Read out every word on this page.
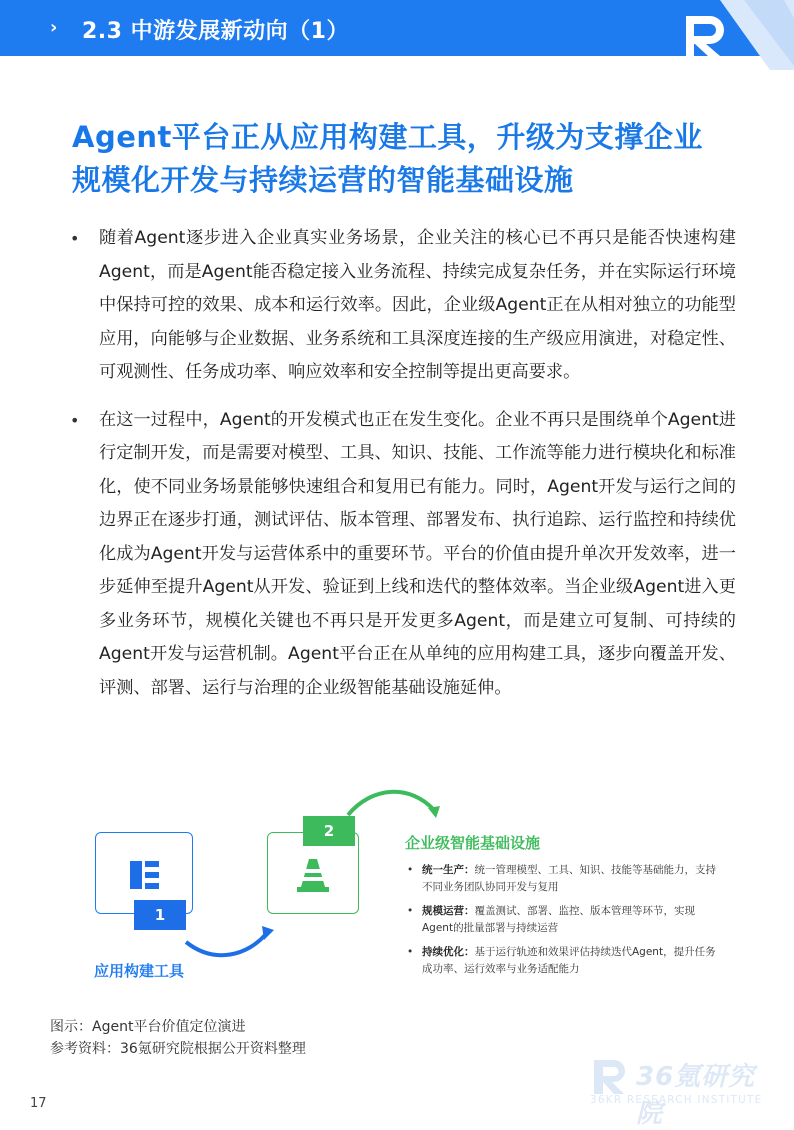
› 2.3 中游发展新动向（1）
Agent平台正从应用构建工具，升级为支撑企业规模化开发与持续运营的智能基础设施
• 随着Agent逐步进入企业真实业务场景，企业关注的核心已不再只是能否快速构建Agent，而是Agent能否稳定接入业务流程、持续完成复杂任务，并在实际运行环境中保持可控的效果、成本和运行效率。因此，企业级Agent正在从相对独立的功能型应用，向能够与企业数据、业务系统和工具深度连接的生产级应用演进，对稳定性、可观测性、任务成功率、响应效率和安全控制等提出更高要求。
• 在这一过程中，Agent的开发模式也正在发生变化。企业不再只是围绕单个Agent进行定制开发，而是需要对模型、工具、知识、技能、工作流等能力进行模块化和标准化，使不同业务场景能够快速组合和复用已有能力。同时，Agent开发与运行之间的边界正在逐步打通，测试评估、版本管理、部署发布、执行追踪、运行监控和持续优化成为Agent开发与运营体系中的重要环节。平台的价值由提升单次开发效率，进一步延伸至提升Agent从开发、验证到上线和迭代的整体效率。当企业级Agent进入更多业务环节，规模化关键也不再只是开发更多Agent，而是建立可复制、可持续的Agent开发与运营机制。Agent平台正在从单纯的应用构建工具，逐步向覆盖开发、评测、部署、运行与治理的企业级智能基础设施延伸。
1
2
应用构建工具
企业级智能基础设施
• 统一生产：统一管理模型、工具、知识、技能等基础能力，支持不同业务团队协同开发与复用
• 规模运营：覆盖测试、部署、监控、版本管理等环节，实现Agent的批量部署与持续运营
• 持续优化：基于运行轨迹和效果评估持续迭代Agent，提升任务成功率、运行效率与业务适配能力
图示：Agent平台价值定位演进
参考资料：36氪研究院根据公开资料整理
36氪研究院
36KR RESEARCH INSTITUTE
17
